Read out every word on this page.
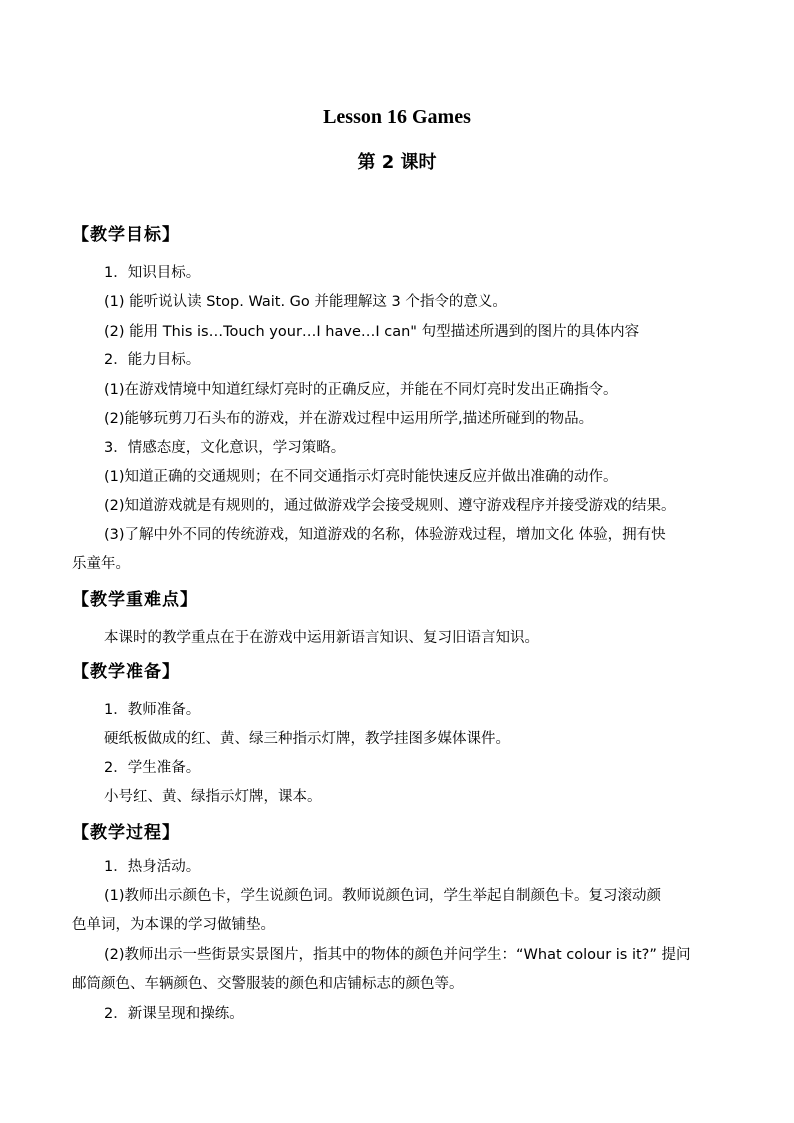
Lesson 16 Games
第 2 课时
【教学目标】
1．知识目标。
(1) 能听说认读 Stop. Wait. Go 并能理解这 3 个指令的意义。
(2) 能用 This is…Touch your…I have…I can" 句型描述所遇到的图片的具体内容
2．能力目标。
(1)在游戏情境中知道红绿灯亮时的正确反应，并能在不同灯亮时发出正确指令。
(2)能够玩剪刀石头布的游戏，并在游戏过程中运用所学,描述所碰到的物品。
3．情感态度，文化意识，学习策略。
(1)知道正确的交通规则；在不同交通指示灯亮时能快速反应并做出准确的动作。
(2)知道游戏就是有规则的，通过做游戏学会接受规则、遵守游戏程序并接受游戏的结果。
(3)了解中外不同的传统游戏，知道游戏的名称，体验游戏过程，增加文化 体验，拥有快
乐童年。
【教学重难点】
本课时的教学重点在于在游戏中运用新语言知识、复习旧语言知识。
【教学准备】
1．教师准备。
硬纸板做成的红、黄、绿三种指示灯牌，教学挂图多媒体课件。
2．学生准备。
小号红、黄、绿指示灯牌，课本。
【教学过程】
1．热身活动。
(1)教师出示颜色卡，学生说颜色词。教师说颜色词，学生举起自制颜色卡。复习滚动颜
色单词，为本课的学习做铺垫。
(2)教师出示一些街景实景图片，指其中的物体的颜色并问学生：“What colour is it?” 提问
邮筒颜色、车辆颜色、交警服装的颜色和店铺标志的颜色等。
2．新课呈现和操练。
